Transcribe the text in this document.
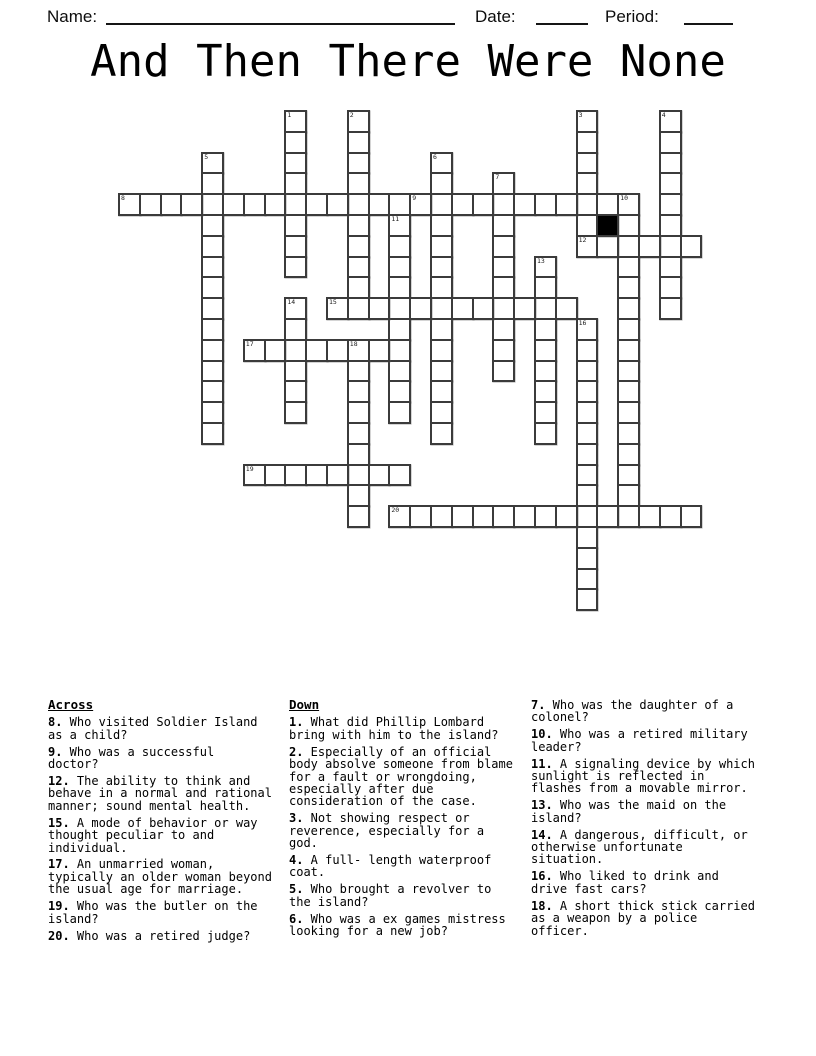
Name:	Date:	Period:
And Then There Were None
1	2	3
12
4
5	6
7
8	9	10
11
13
14	15
16
17	18
19
20
Across

8. Who visited Soldier Island
as a child?

9. Who was a successful
doctor?

12. The ability to think and
behave in a normal and rational
manner; sound mental health.

15. A mode of behavior or way
thought peculiar to and
individual.

17. An unmarried woman,
typically an older woman beyond
the usual age for marriage.

19. Who was the butler on the
island?

20. Who was a retired judge?

Down

1. What did Phillip Lombard
bring with him to the island?

2. Especially of an official
body absolve someone from blame
for a fault or wrongdoing,
especially after due
consideration of the case.

3. Not showing respect or
reverence, especially for a
god.

4. A full- length waterproof
coat.

5. Who brought a revolver to
the island?

6. Who was a ex games mistress
looking for a new job?

7. Who was the daughter of a
colonel?

10. Who was a retired military
leader?

11. A signaling device by which
sunlight is reflected in
flashes from a movable mirror.

13. Who was the maid on the
island?

14. A dangerous, difficult, or
otherwise unfortunate
situation.

16. Who liked to drink and
drive fast cars?

18. A short thick stick carried
as a weapon by a police
officer.
